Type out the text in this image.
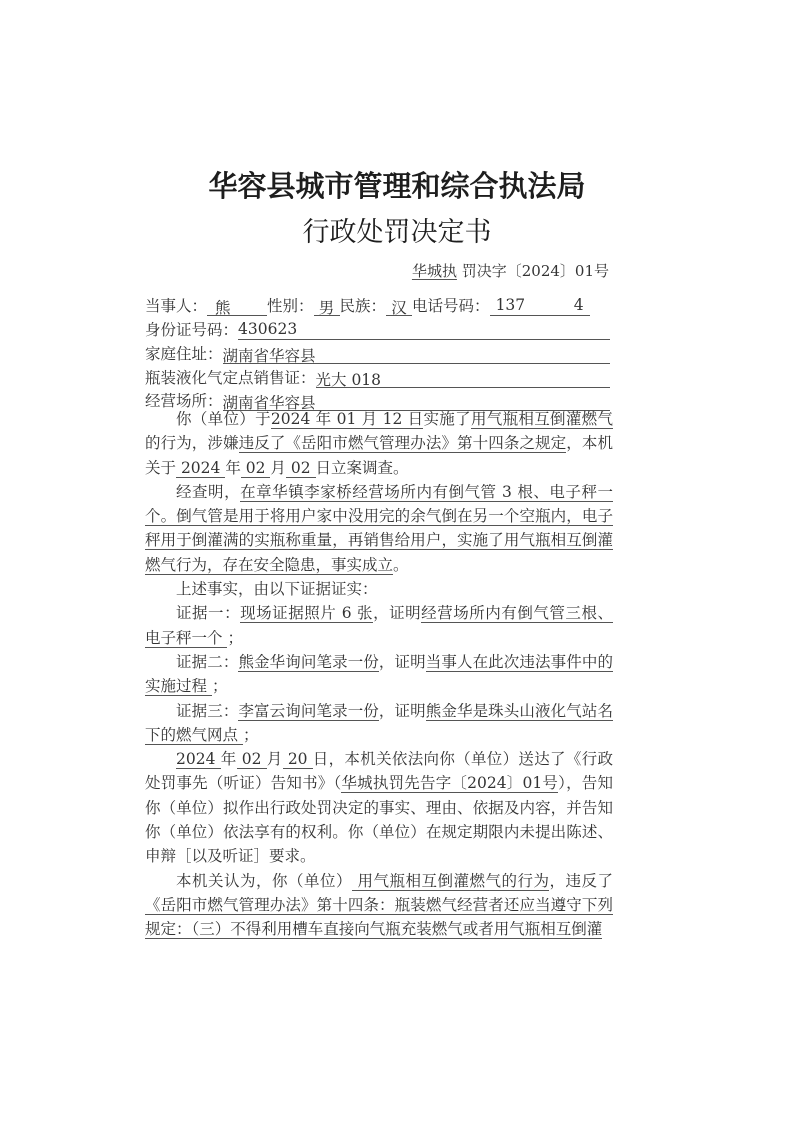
华容县城市管理和综合执法局
行政处罚决定书
华城执 罚决字〔2024〕01号
当事人： 熊 性别： 男 民族： 汉 电话号码： 137	4
身份证号码：430623
家庭住址：湖南省华容县
瓶装液化气定点销售证：光大 018
经营场所：湖南省华容县

你（单位）于2024 年 01 月 12 日实施了用气瓶相互倒灌燃气的行为，涉嫌违反了《岳阳市燃气管理办法》第十四条之规定，本机关于 2024 年 02 月 02 日立案调查。

经查明，在章华镇李家桥经营场所内有倒气管 3 根、电子秤一个。倒气管是用于将用户家中没用完的余气倒在另一个空瓶内，电子秤用于倒灌满的实瓶称重量，再销售给用户，实施了用气瓶相互倒灌燃气行为，存在安全隐患，事实成立。

上述事实，由以下证据证实：

证据一：现场证据照片 6 张，证明经营场所内有倒气管三根、电子秤一个 ；

证据二：熊金华询问笔录一份，证明当事人在此次违法事件中的实施过程 ；

证据三：李富云询问笔录一份，证明熊金华是珠头山液化气站名下的燃气网点 ；

2024 年 02 月 20 日，本机关依法向你（单位）送达了《行政处罚事先（听证）告知书》（华城执罚先告字〔2024〕01号），告知你（单位）拟作出行政处罚决定的事实、理由、依据及内容，并告知你（单位）依法享有的权利。你（单位）在规定期限内未提出陈述、申辩［以及听证］要求。

本机关认为，你（单位） 用气瓶相互倒灌燃气的行为，违反了《岳阳市燃气管理办法》第十四条：瓶装燃气经营者还应当遵守下列规定：（三）不得利用槽车直接向气瓶充装燃气或者用气瓶相互倒灌
